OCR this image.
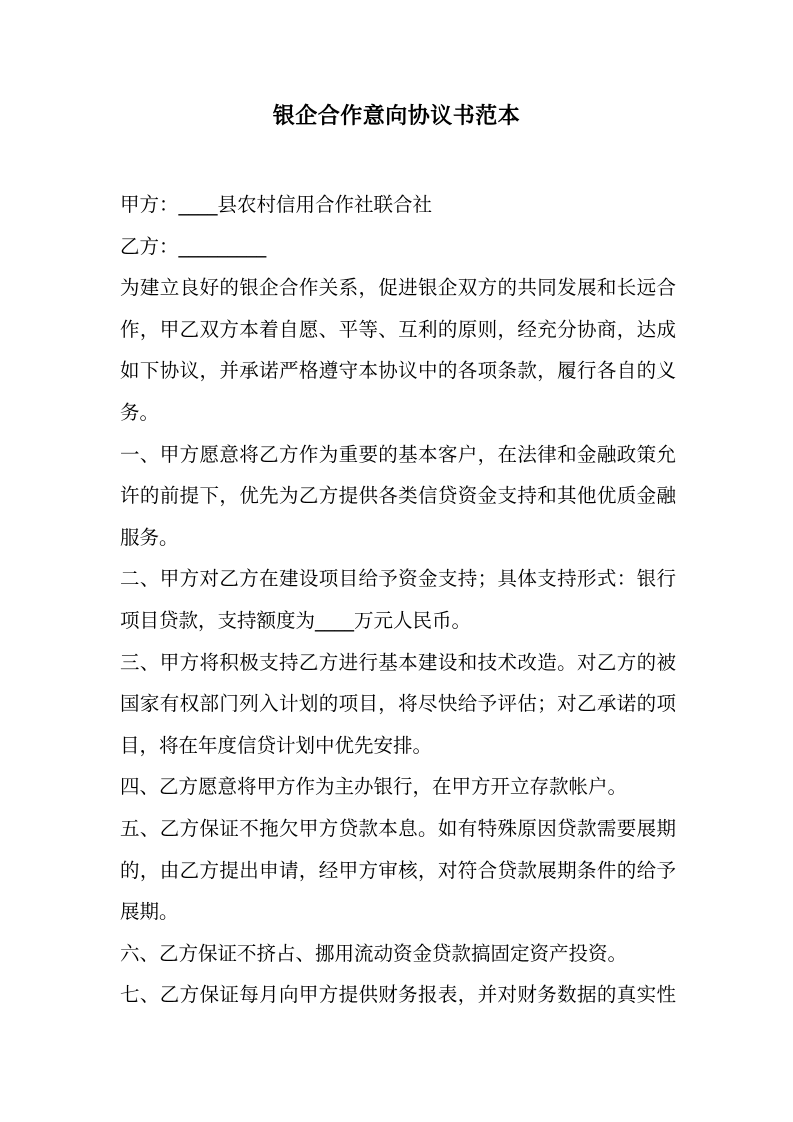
银企合作意向协议书范本
甲方：____县农村信用合作社联合社
乙方：_________
为建立良好的银企合作关系，促进银企双方的共同发展和长远合
作，甲乙双方本着自愿、平等、互利的原则，经充分协商，达成
如下协议，并承诺严格遵守本协议中的各项条款，履行各自的义
务。
一、甲方愿意将乙方作为重要的基本客户，在法律和金融政策允
许的前提下，优先为乙方提供各类信贷资金支持和其他优质金融
服务。
二、甲方对乙方在建设项目给予资金支持；具体支持形式：银行
项目贷款，支持额度为____万元人民币。
三、甲方将积极支持乙方进行基本建设和技术改造。对乙方的被
国家有权部门列入计划的项目，将尽快给予评估；对乙承诺的项
目，将在年度信贷计划中优先安排。
四、乙方愿意将甲方作为主办银行，在甲方开立存款帐户。
五、乙方保证不拖欠甲方贷款本息。如有特殊原因贷款需要展期
的，由乙方提出申请，经甲方审核，对符合贷款展期条件的给予
展期。
六、乙方保证不挤占、挪用流动资金贷款搞固定资产投资。
七、乙方保证每月向甲方提供财务报表，并对财务数据的真实性
